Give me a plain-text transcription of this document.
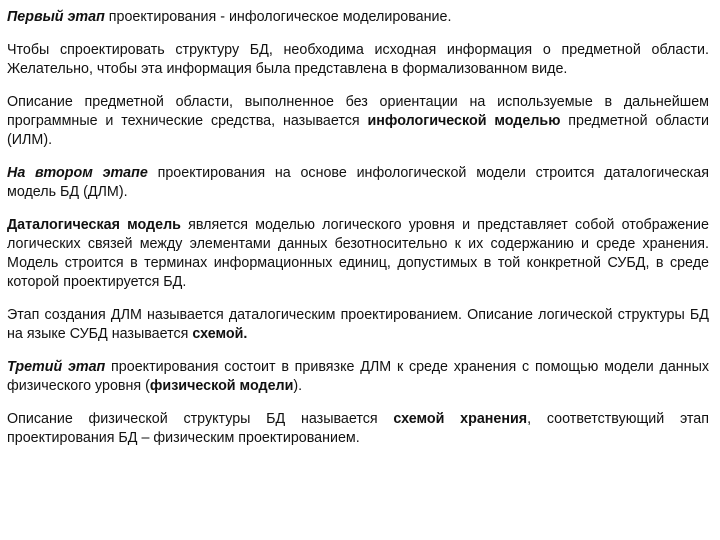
Первый этап проектирования - инфологическое моделирование.

Чтобы спроектировать структуру БД, необходима исходная информация о предметной области. Желательно, чтобы эта информация была представлена в формализованном виде.

Описание предметной области, выполненное без ориентации на используемые в дальнейшем программные и технические средства, называется инфологической моделью предметной области (ИЛМ).

На втором этапе проектирования на основе инфологической модели строится даталогическая модель БД (ДЛМ).

Даталогическая модель является моделью логического уровня и представляет собой отображение логических связей между элементами данных безотносительно к их содержанию и среде хранения. Модель строится в терминах информационных единиц, допустимых в той конкретной СУБД, в среде которой проектируется БД.

Этап создания ДЛМ называется даталогическим проектированием. Описание логической структуры БД на языке СУБД называется схемой.

Третий этап проектирования состоит в привязке ДЛМ к среде хранения с помощью модели данных физического уровня (физической модели).

Описание физической структуры БД называется схемой хранения, соответствующий этап проектирования БД – физическим проектированием.
